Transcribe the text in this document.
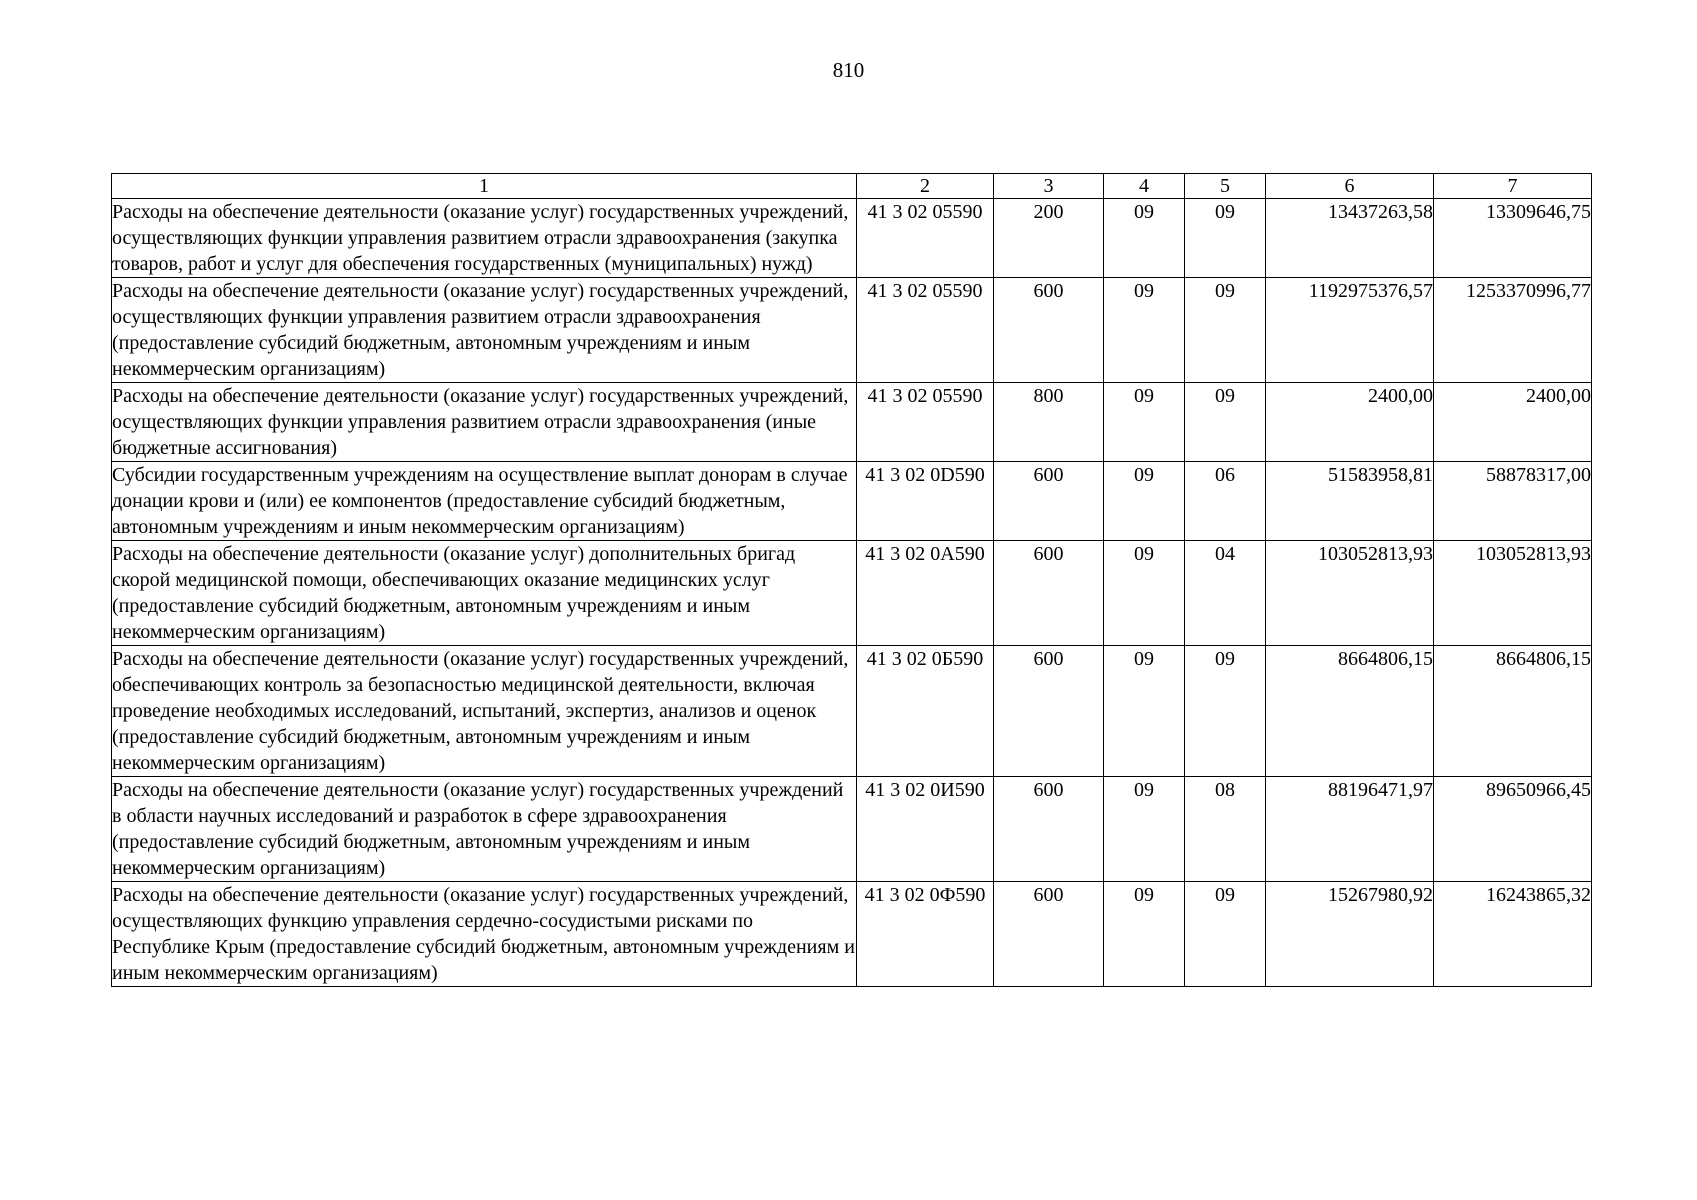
810
1	2	3	4	5	6	7
Расходы на обеспечение деятельности (оказание услуг) государственных учреждений, осуществляющих функции управления развитием отрасли здравоохранения (закупка товаров, работ и услуг для обеспечения государственных (муниципальных) нужд)	41 3 02 05590	200	09	09	13437263,58	13309646,75
Расходы на обеспечение деятельности (оказание услуг) государственных учреждений, осуществляющих функции управления развитием отрасли здравоохранения (предоставление субсидий бюджетным, автономным учреждениям и иным некоммерческим организациям)	41 3 02 05590	600	09	09	1192975376,57	1253370996,77
Расходы на обеспечение деятельности (оказание услуг) государственных учреждений, осуществляющих функции управления развитием отрасли здравоохранения (иные бюджетные ассигнования)	41 3 02 05590	800	09	09	2400,00	2400,00
Субсидии государственным учреждениям на осуществление выплат донорам в случае донации крови и (или) ее компонентов (предоставление субсидий бюджетным, автономным учреждениям и иным некоммерческим организациям)	41 3 02 0D590	600	09	06	51583958,81	58878317,00
Расходы на обеспечение деятельности (оказание услуг) дополнительных бригад скорой медицинской помощи, обеспечивающих оказание медицинских услуг (предоставление субсидий бюджетным, автономным учреждениям и иным некоммерческим организациям)	41 3 02 0A590	600	09	04	103052813,93	103052813,93
Расходы на обеспечение деятельности (оказание услуг) государственных учреждений, обеспечивающих контроль за безопасностью медицинской деятельности, включая проведение необходимых исследований, испытаний, экспертиз, анализов и оценок (предоставление субсидий бюджетным, автономным учреждениям и иным некоммерческим организациям)	41 3 02 0Б590	600	09	09	8664806,15	8664806,15
Расходы на обеспечение деятельности (оказание услуг) государственных учреждений в области научных исследований и разработок в сфере здравоохранения (предоставление субсидий бюджетным, автономным учреждениям и иным некоммерческим организациям)	41 3 02 0И590	600	09	08	88196471,97	89650966,45
Расходы на обеспечение деятельности (оказание услуг) государственных учреждений, осуществляющих функцию управления сердечно-сосудистыми рисками по Республике Крым (предоставление субсидий бюджетным, автономным учреждениям и иным некоммерческим организациям)	41 3 02 0Ф590	600	09	09	15267980,92	16243865,32
